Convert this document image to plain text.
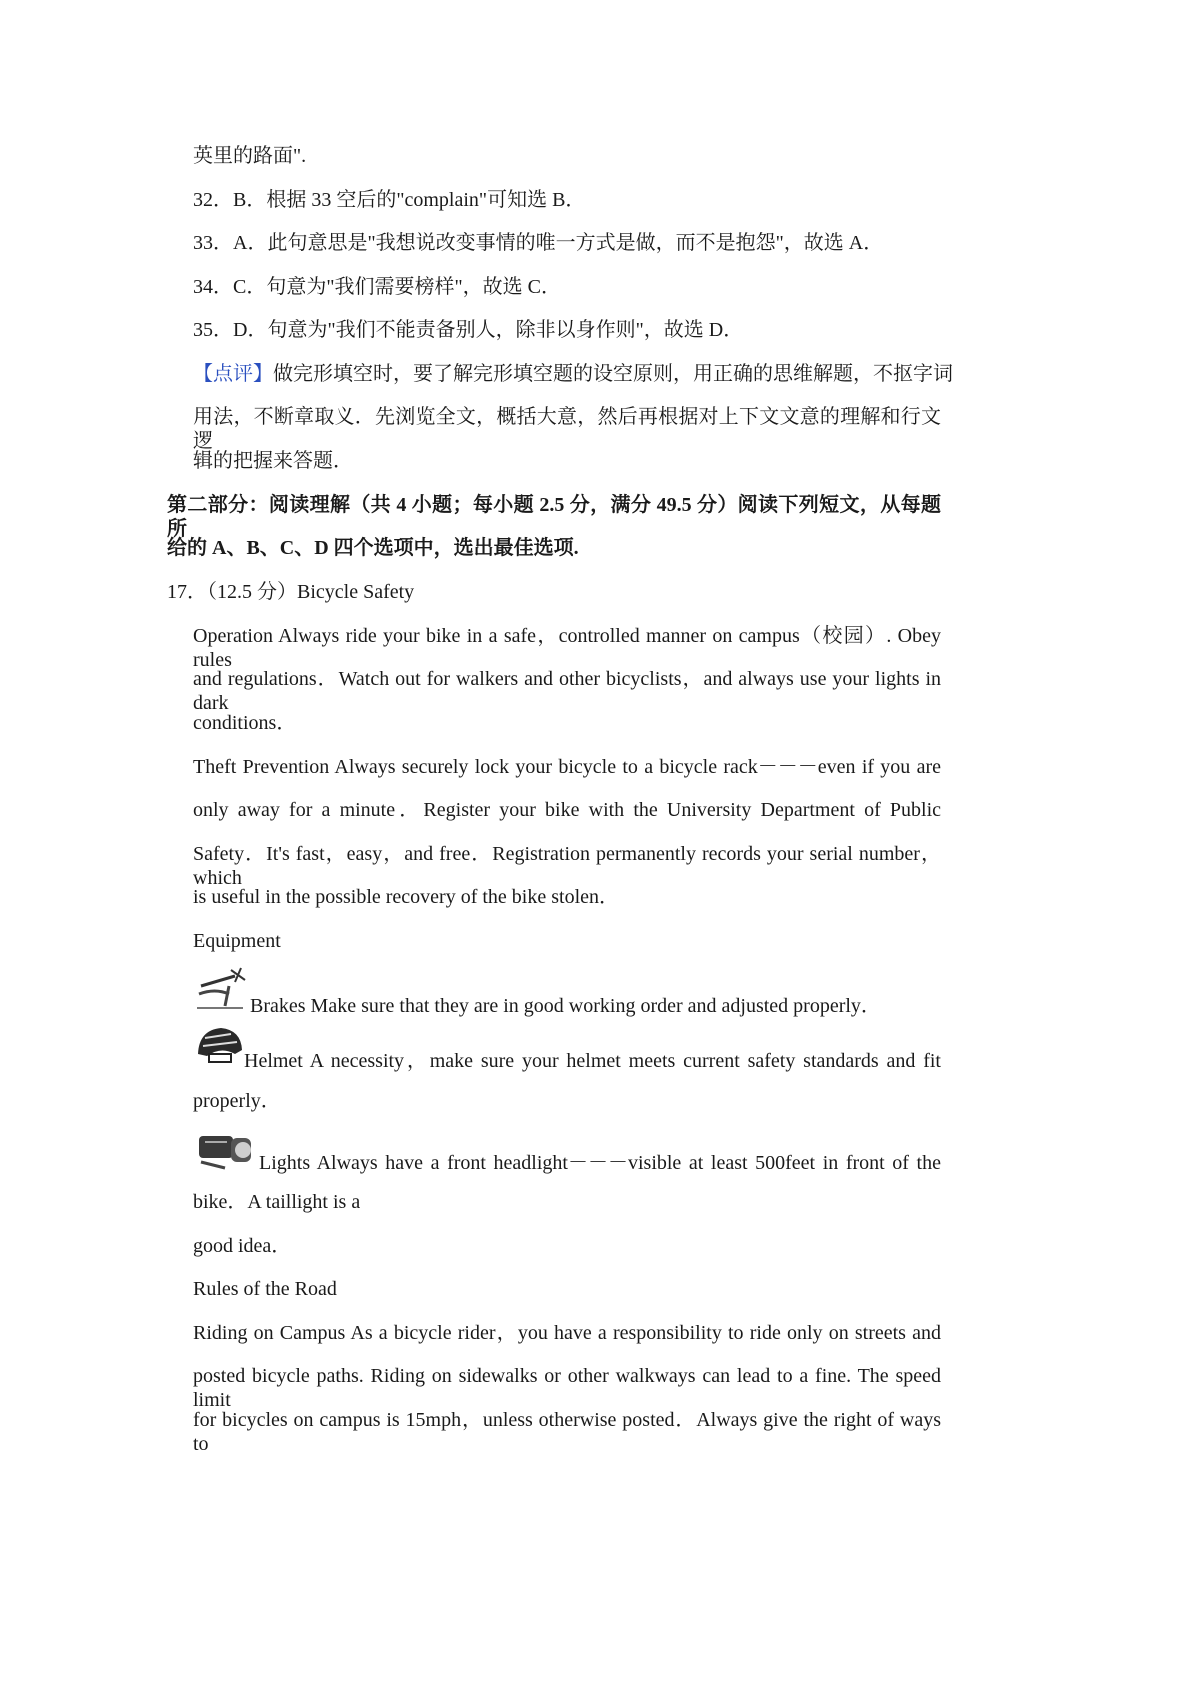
英里的路面".
32．B．根据 33 空后的"complain"可知选 B．
33．A．此句意思是"我想说改变事情的唯一方式是做，而不是抱怨"，故选 A．
34．C．句意为"我们需要榜样"，故选 C．
35．D．句意为"我们不能责备别人，除非以身作则"，故选 D．
【点评】做完形填空时，要了解完形填空题的设空原则，用正确的思维解题，不抠字词
用法，不断章取义．先浏览全文，概括大意，然后再根据对上下文文意的理解和行文逻
辑的把握来答题．
第二部分：阅读理解（共 4 小题；每小题 2.5 分，满分 49.5 分）阅读下列短文，从每题所
给的 A、B、C、D 四个选项中，选出最佳选项.
17．（12.5 分）Bicycle Safety
Operation Always ride your bike in a safe，controlled manner on campus（校园）. Obey rules
and regulations．Watch out for walkers and other bicyclists，and always use your lights in dark
conditions．
Theft Prevention Always securely lock your bicycle to a bicycle rack－－－even if you are
only away for a minute．Register your bike with the University Department of Public
Safety．It's fast，easy，and free．Registration permanently records your serial number，which
is useful in the possible recovery of the bike stolen．
Equipment
Brakes Make sure that they are in good working order and adjusted properly．
Helmet A necessity，make sure your helmet meets current safety standards and fit
properly．
Lights Always have a front headlight－－－visible at least 500feet in front of the
bike．A taillight is a
good idea．
Rules of the Road
Riding on Campus As a bicycle rider，you have a responsibility to ride only on streets and
posted bicycle paths. Riding on sidewalks or other walkways can lead to a fine. The speed limit
for bicycles on campus is 15mph，unless otherwise posted．Always give the right of ways to
